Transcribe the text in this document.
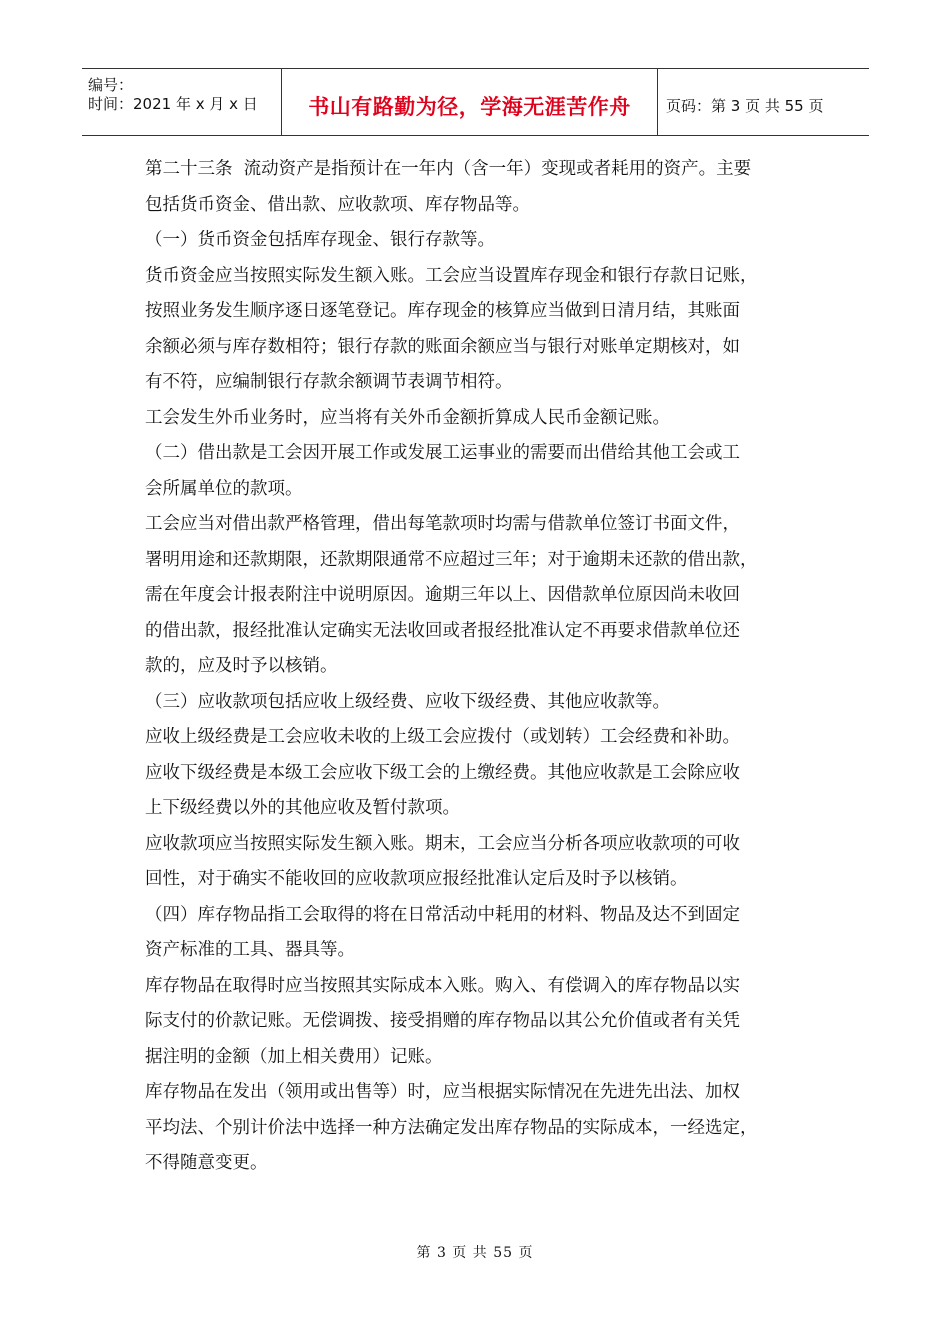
编号：
时间：2021 年 x 月 x 日 书山有路勤为径，学海无涯苦作舟 页码：第 3 页 共 55 页

第二十三条  流动资产是指预计在一年内（含一年）变现或者耗用的资产。主要
包括货币资金、借出款、应收款项、库存物品等。

（一）货币资金包括库存现金、银行存款等。

货币资金应当按照实际发生额入账。工会应当设置库存现金和银行存款日记账，
按照业务发生顺序逐日逐笔登记。库存现金的核算应当做到日清月结，其账面
余额必须与库存数相符；银行存款的账面余额应当与银行对账单定期核对，如
有不符，应编制银行存款余额调节表调节相符。

工会发生外币业务时，应当将有关外币金额折算成人民币金额记账。

（二）借出款是工会因开展工作或发展工运事业的需要而出借给其他工会或工
会所属单位的款项。

工会应当对借出款严格管理，借出每笔款项时均需与借款单位签订书面文件，
署明用途和还款期限，还款期限通常不应超过三年；对于逾期未还款的借出款，
需在年度会计报表附注中说明原因。逾期三年以上、因借款单位原因尚未收回
的借出款，报经批准认定确实无法收回或者报经批准认定不再要求借款单位还
款的，应及时予以核销。

（三）应收款项包括应收上级经费、应收下级经费、其他应收款等。

应收上级经费是工会应收未收的上级工会应拨付（或划转）工会经费和补助。

应收下级经费是本级工会应收下级工会的上缴经费。其他应收款是工会除应收
上下级经费以外的其他应收及暂付款项。

应收款项应当按照实际发生额入账。期末，工会应当分析各项应收款项的可收
回性，对于确实不能收回的应收款项应报经批准认定后及时予以核销。

（四）库存物品指工会取得的将在日常活动中耗用的材料、物品及达不到固定
资产标准的工具、器具等。

库存物品在取得时应当按照其实际成本入账。购入、有偿调入的库存物品以实
际支付的价款记账。无偿调拨、接受捐赠的库存物品以其公允价值或者有关凭
据注明的金额（加上相关费用）记账。

库存物品在发出（领用或出售等）时，应当根据实际情况在先进先出法、加权
平均法、个别计价法中选择一种方法确定发出库存物品的实际成本，一经选定，
不得随意变更。

第 3 页 共 55 页
